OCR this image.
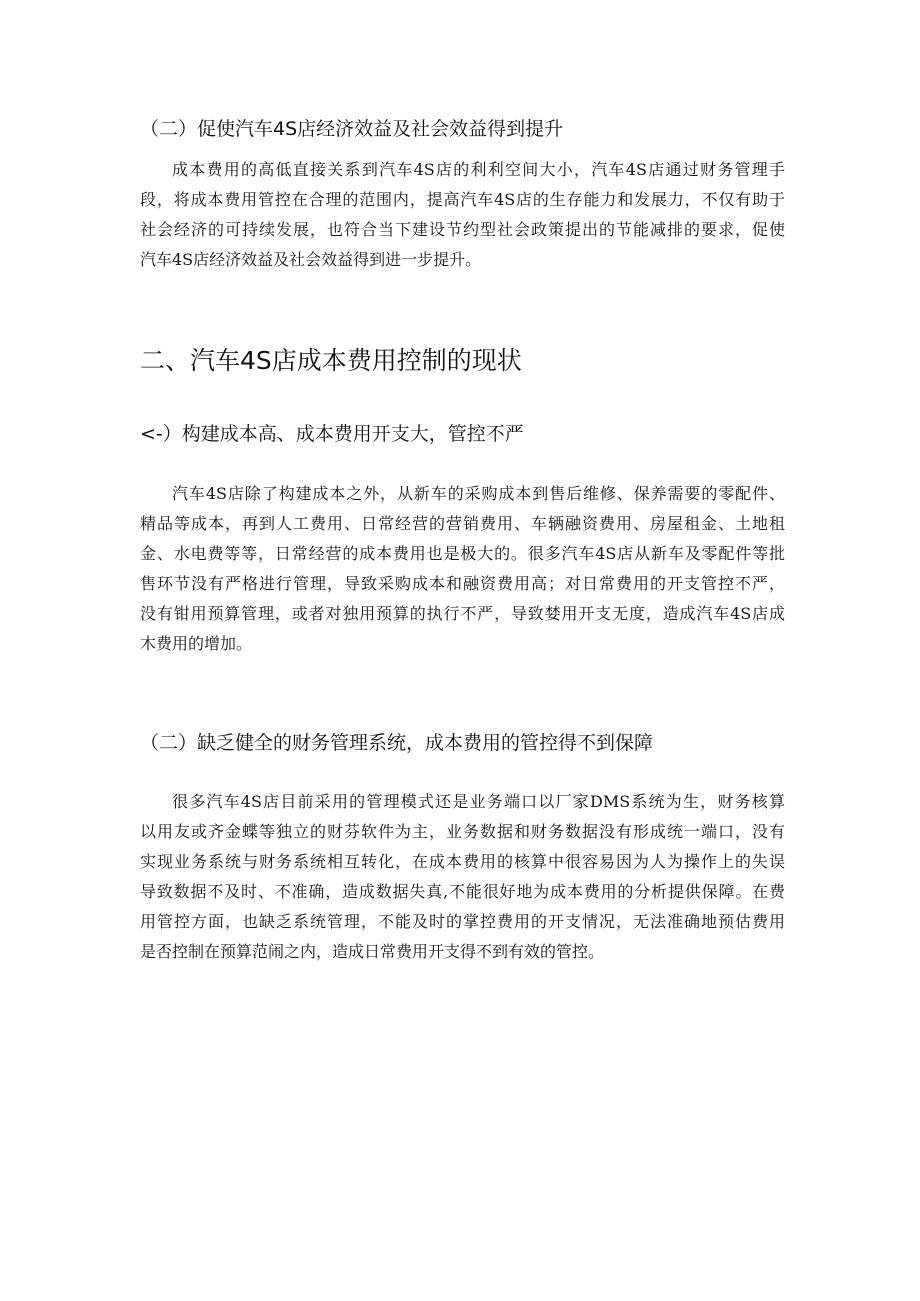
（二）促使汽车4S店经济效益及社会效益得到提升
成本费用的高低直接关系到汽车4S店的利利空间大小，汽车4S店通过财务管理手
段，将成本费用管控在合理的范围内，提高汽车4S店的生存能力和发展力，不仅有助于
社会经济的可持续发展，也符合当下建设节约型社会政策提出的节能减排的要求，促使
汽车4S店经济效益及社会效益得到进一步提升。
二、汽车4S店成本费用控制的现状
<-）构建成本高、成本费用开支大，管控不严
汽车4S店除了构建成本之外，从新车的采购成本到售后维修、保养需要的零配件、
精品等成本，再到人工费用、日常经营的营销费用、车辆融资费用、房屋租金、土地租
金、水电费等等，日常经营的成本费用也是极大的。很多汽车4S店从新车及零配件等批
售环节没有严格进行管理，导致采购成本和融资费用高；对日常费用的开支管控不严，
没有钳用预算管理，或者对独用预算的执行不严，导致婪用开支无度，造成汽车4S店成
木费用的增加。
（二）缺乏健全的财务管理系统，成本费用的管控得不到保障
很多汽车4S店目前采用的管理模式还是业务端口以厂家DMS系统为生，财务核算
以用友或齐金蝶等独立的财芬软件为主，业务数据和财务数据没有形成统一端口，没有
实现业务系统与财务系统相互转化，在成本费用的核算中很容易因为人为操作上的失误
导致数据不及时、不准确，造成数据失真,不能很好地为成本费用的分析提供保障。在费
用管控方面，也缺乏系统管理，不能及时的掌控费用的开支情况，无法准确地预估费用
是否控制在预算范闹之内，造成日常费用开支得不到有效的管控。
